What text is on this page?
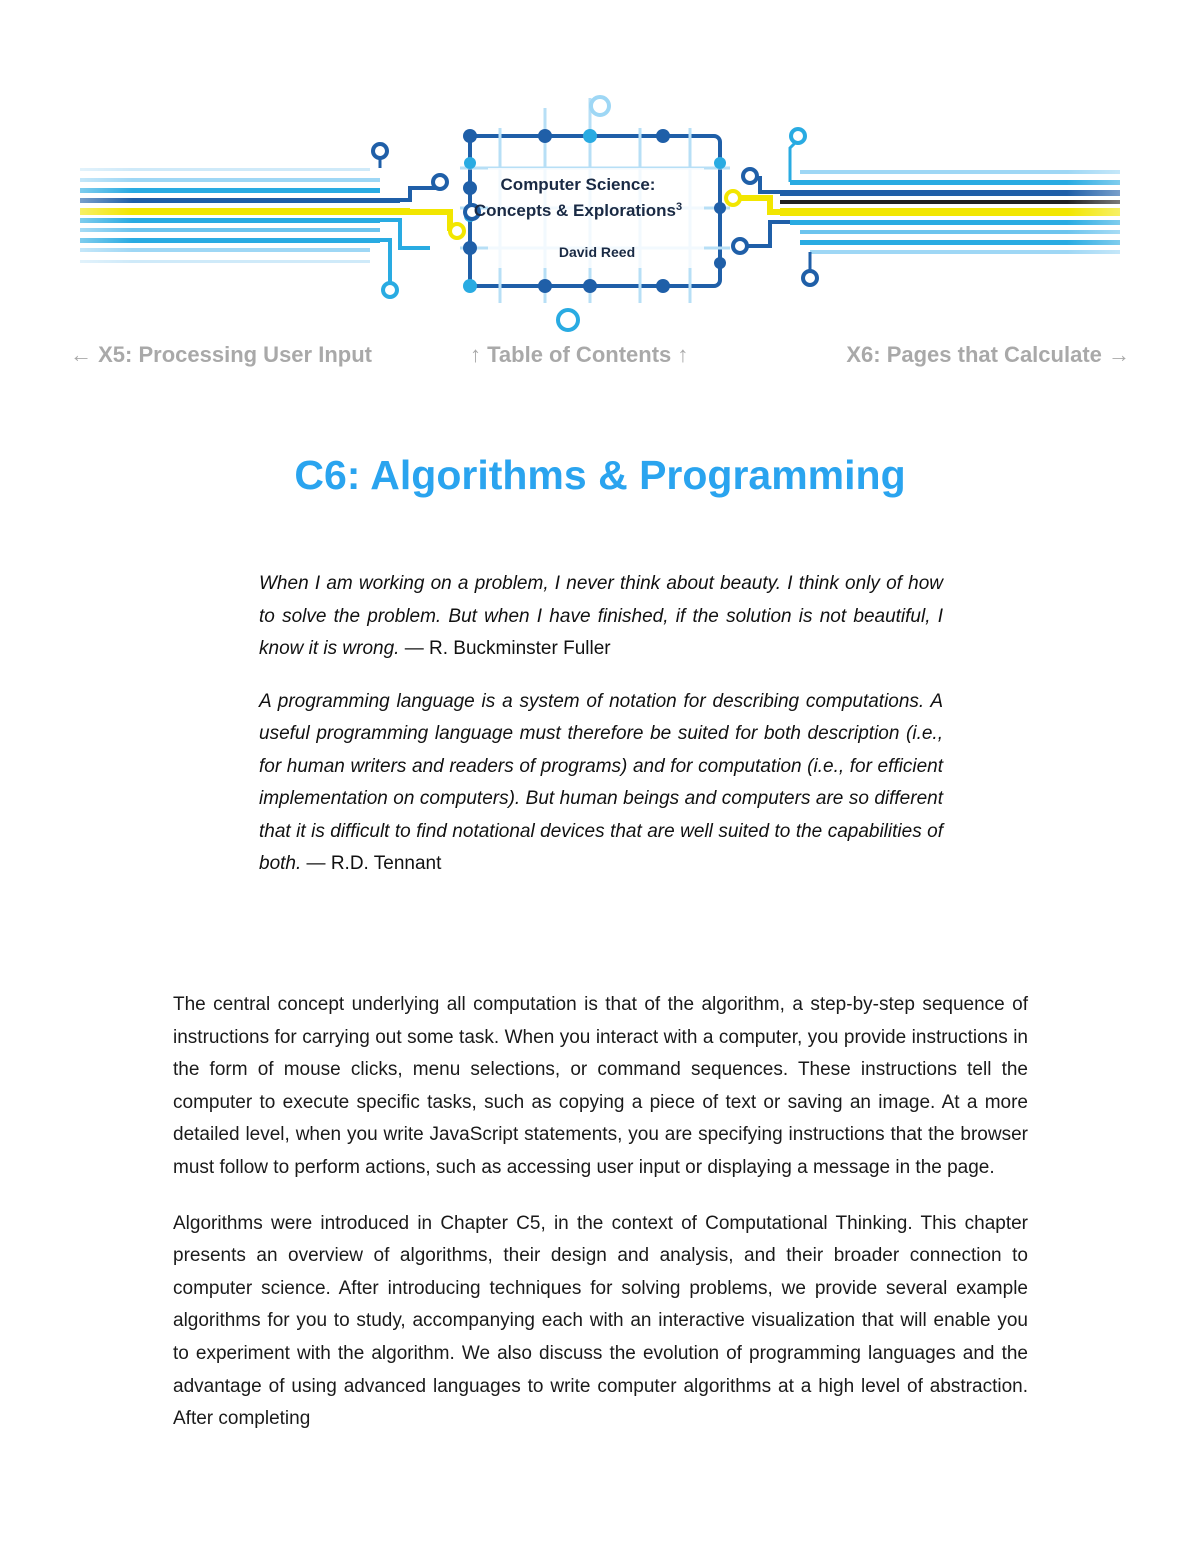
Computer Science:
Concepts & Explorations$^3$
David Reed
← X5: Processing User Input	↑ Table of Contents ↑	X6: Pages that Calculate →
C6: Algorithms & Programming

When I am working on a problem, I never think about beauty. I think only of how to solve the problem. But when I have finished, if the solution is not beautiful, I know it is wrong. — R. Buckminster Fuller

A programming language is a system of notation for describing computations. A useful programming language must therefore be suited for both description (i.e., for human writers and readers of programs) and for computation (i.e., for efficient implementation on computers). But human beings and computers are so different that it is difficult to find notational devices that are well suited to the capabilities of both. — R.D. Tennant

The central concept underlying all computation is that of the algorithm, a step-by-step sequence of instructions for carrying out some task. When you interact with a computer, you provide instructions in the form of mouse clicks, menu selections, or command sequences. These instructions tell the computer to execute specific tasks, such as copying a piece of text or saving an image. At a more detailed level, when you write JavaScript statements, you are specifying instructions that the browser must follow to perform actions, such as accessing user input or displaying a message in the page.

Algorithms were introduced in Chapter C5, in the context of Computational Thinking. This chapter presents an overview of algorithms, their design and analysis, and their broader connection to computer science. After introducing techniques for solving problems, we provide several example algorithms for you to study, accompanying each with an interactive visualization that will enable you to experiment with the algorithm. We also discuss the evolution of programming languages and the advantage of using advanced languages to write computer algorithms at a high level of abstraction. After completing
